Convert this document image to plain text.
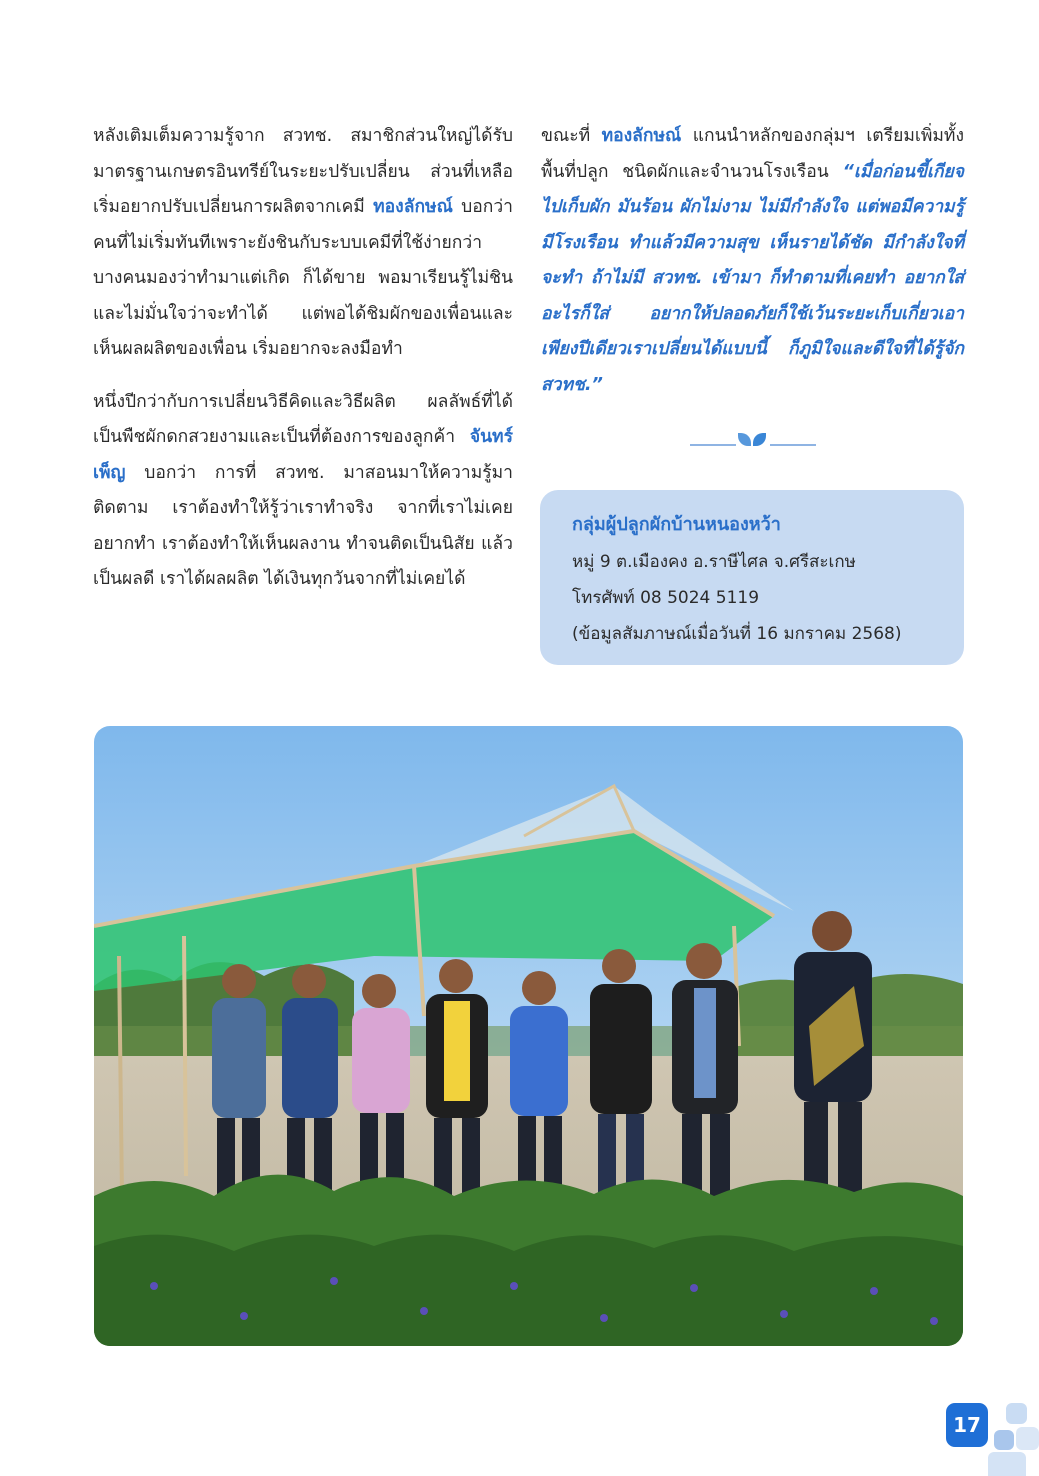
หลังเติมเต็มความรู้จาก สวทช. สมาชิกส่วนใหญ่ได้รับมาตรฐานเกษตรอินทรีย์ในระยะปรับเปลี่ยน ส่วนที่เหลือเริ่มอยากปรับเปลี่ยนการผลิตจากเคมี ทองลักษณ์ บอกว่าคนที่ไม่เริ่มทันทีเพราะยังชินกับระบบเคมีที่ใช้ง่ายกว่า บางคนมองว่าทำมาแต่เกิด ก็ได้ขาย พอมาเรียนรู้ไม่ชินและไม่มั่นใจว่าจะทำได้ แต่พอได้ชิมผักของเพื่อนและเห็นผลผลิตของเพื่อน เริ่มอยากจะลงมือทำ

หนึ่งปีกว่ากับการเปลี่ยนวิธีคิดและวิธีผลิต ผลลัพธ์ที่ได้เป็นพืชผักดกสวยงามและเป็นที่ต้องการของลูกค้า จันทร์เพ็ญ บอกว่า การที่ สวทช. มาสอนมาให้ความรู้มาติดตาม เราต้องทำให้รู้ว่าเราทำจริง จากที่เราไม่เคยอยากทำ เราต้องทำให้เห็นผลงาน ทำจนติดเป็นนิสัย แล้วเป็นผลดี เราได้ผลผลิต ได้เงินทุกวันจากที่ไม่เคยได้

ขณะที่ ทองลักษณ์ แกนนำหลักของกลุ่มฯ เตรียมเพิ่มทั้งพื้นที่ปลูก ชนิดผักและจำนวนโรงเรือน “เมื่อก่อนขี้เกียจไปเก็บผัก มันร้อน ผักไม่งาม ไม่มีกำลังใจ แต่พอมีความรู้ มีโรงเรือน ทำแล้วมีความสุข เห็นรายได้ชัด มีกำลังใจที่จะทำ ถ้าไม่มี สวทช. เข้ามา ก็ทำตามที่เคยทำ อยากใส่อะไรก็ใส่ อยากให้ปลอดภัยก็ใช้เว้นระยะเก็บเกี่ยวเอา เพียงปีเดียวเราเปลี่ยนได้แบบนี้ ก็ภูมิใจและดีใจที่ได้รู้จัก สวทช.”

กลุ่มผู้ปลูกผักบ้านหนองหว้า

หมู่ 9 ต.เมืองคง อ.ราษีไศล จ.ศรีสะเกษ

โทรศัพท์ 08 5024 5119

(ข้อมูลสัมภาษณ์เมื่อวันที่ 16 มกราคม 2568)

17
